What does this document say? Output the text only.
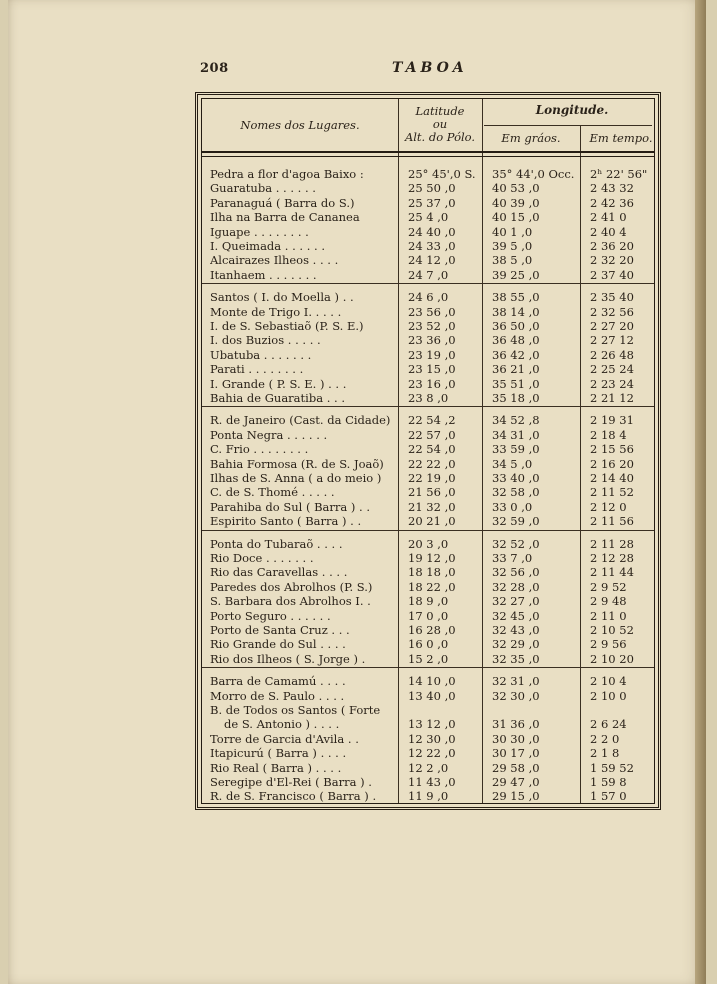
208	TABOA
Nomes dos Lugares.
Latitude
ou
Alt. do Pólo.
Longitude.
Em gráos.	Em tempo.
Pedra a flor d'agoa Baixo :	25° 45',0 S.	35° 44',0 Occ.	2ʰ 22' 56"
Guaratuba . . . . . .	25 50 ,0	40 53 ,0	2 43 32
Paranaguá ( Barra do S.)	25 37 ,0	40 39 ,0	2 42 36
Ilha na Barra de Cananea	25 4 ,0	40 15 ,0	2 41 0
Iguape . . . . . . . .	24 40 ,0	40 1 ,0	2 40 4
I. Queimada . . . . . .	24 33 ,0	39 5 ,0	2 36 20
Alcairazes Ilheos . . . .	24 12 ,0	38 5 ,0	2 32 20
Itanhaem . . . . . . .	24 7 ,0	39 25 ,0	2 37 40
Santos ( I. do Moella ) . .	24 6 ,0	38 55 ,0	2 35 40
Monte de Trigo I. . . . .	23 56 ,0	38 14 ,0	2 32 56
I. de S. Sebastiaõ (P. S. E.)	23 52 ,0	36 50 ,0	2 27 20
I. dos Buzios . . . . .	23 36 ,0	36 48 ,0	2 27 12
Ubatuba . . . . . . .	23 19 ,0	36 42 ,0	2 26 48
Parati . . . . . . . .	23 15 ,0	36 21 ,0	2 25 24
I. Grande ( P. S. E. ) . . .	23 16 ,0	35 51 ,0	2 23 24
Bahia de Guaratiba . . .	23 8 ,0	35 18 ,0	2 21 12
R. de Janeiro (Cast. da Cidade)	22 54 ,2	34 52 ,8	2 19 31
Ponta Negra . . . . . .	22 57 ,0	34 31 ,0	2 18 4
C. Frio . . . . . . . .	22 54 ,0	33 59 ,0	2 15 56
Bahia Formosa (R. de S. Joaõ)	22 22 ,0	34 5 ,0	2 16 20
Ilhas de S. Anna ( a do meio )	22 19 ,0	33 40 ,0	2 14 40
C. de S. Thomé . . . . .	21 56 ,0	32 58 ,0	2 11 52
Parahiba do Sul ( Barra ) . .	21 32 ,0	33 0 ,0	2 12 0
Espirito Santo ( Barra ) . .	20 21 ,0	32 59 ,0	2 11 56
Ponta do Tubaraõ . . . .	20 3 ,0	32 52 ,0	2 11 28
Rio Doce . . . . . . .	19 12 ,0	33 7 ,0	2 12 28
Rio das Caravellas . . . .	18 18 ,0	32 56 ,0	2 11 44
Paredes dos Abrolhos (P. S.)	18 22 ,0	32 28 ,0	2 9 52
S. Barbara dos Abrolhos I. .	18 9 ,0	32 27 ,0	2 9 48
Porto Seguro . . . . . .	17 0 ,0	32 45 ,0	2 11 0
Porto de Santa Cruz . . .	16 28 ,0	32 43 ,0	2 10 52
Rio Grande do Sul . . . .	16 0 ,0	32 29 ,0	2 9 56
Rio dos Ilheos ( S. Jorge ) .	15 2 ,0	32 35 ,0	2 10 20
Barra de Camamú . . . .	14 10 ,0	32 31 ,0	2 10 4
Morro de S. Paulo . . . .	13 40 ,0	32 30 ,0	2 10 0
B. de Todos os Santos ( Forte
de S. Antonio ) . . . .	13 12 ,0	31 36 ,0	2 6 24
Torre de Garcia d'Avila . .	12 30 ,0	30 30 ,0	2 2 0
Itapicurú ( Barra ) . . . .	12 22 ,0	30 17 ,0	2 1 8
Rio Real ( Barra ) . . . .	12 2 ,0	29 58 ,0	1 59 52
Seregipe d'El-Rei ( Barra ) .	11 43 ,0	29 47 ,0	1 59 8
R. de S. Francisco ( Barra ) .	11 9 ,0	29 15 ,0	1 57 0
